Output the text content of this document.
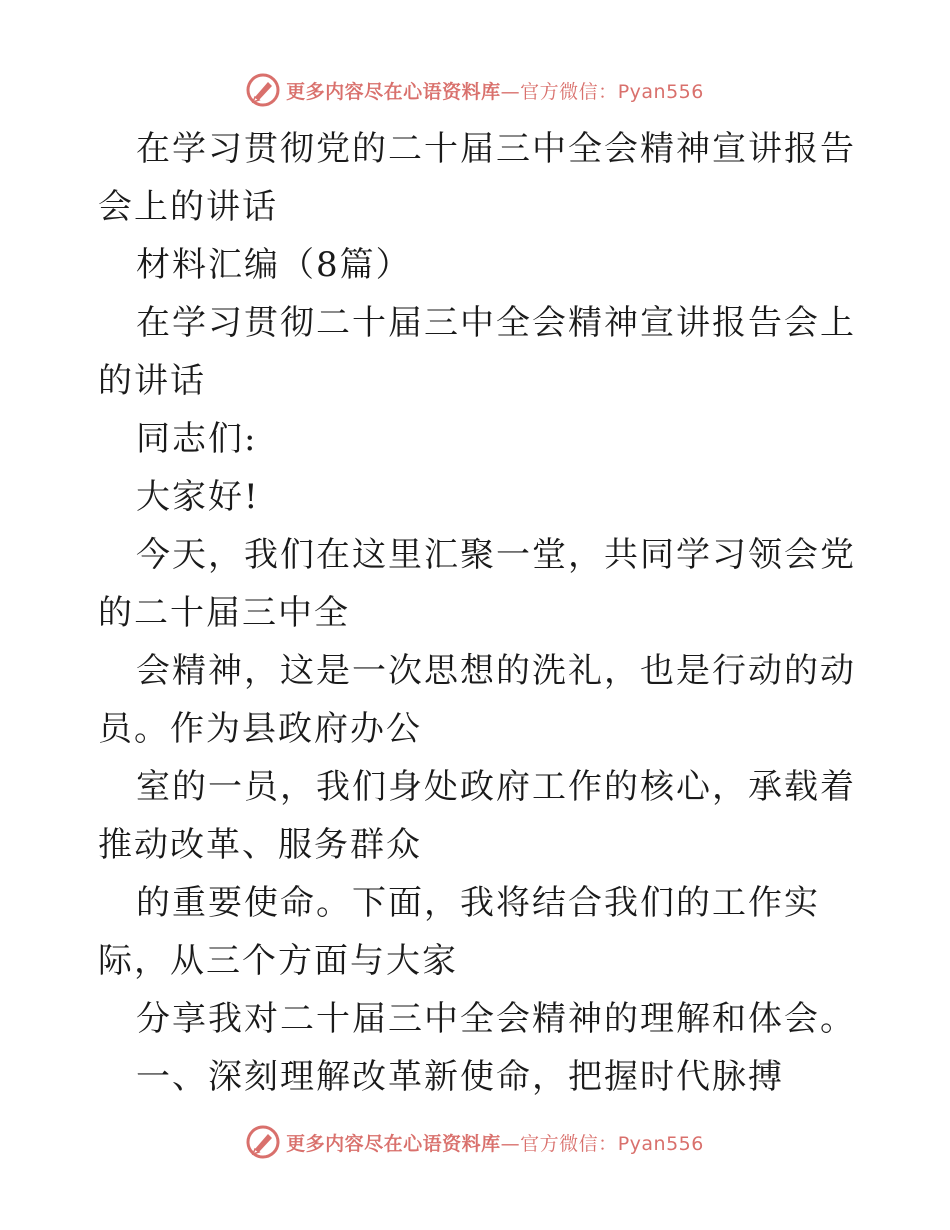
更多内容尽在心语资料库—官方微信：Pyan556

在学习贯彻党的二十届三中全会精神宣讲报告会上的讲话

材料汇编（8篇）

在学习贯彻二十届三中全会精神宣讲报告会上的讲话

同志们:

大家好!

今天，我们在这里汇聚一堂，共同学习领会党的二十届三中全

会精神，这是一次思想的洗礼，也是行动的动员。作为县政府办公

室的一员，我们身处政府工作的核心，承载着推动改革、服务群众

的重要使命。下面，我将结合我们的工作实际，从三个方面与大家

分享我对二十届三中全会精神的理解和体会。

一、深刻理解改革新使命，把握时代脉搏

更多内容尽在心语资料库—官方微信：Pyan556
